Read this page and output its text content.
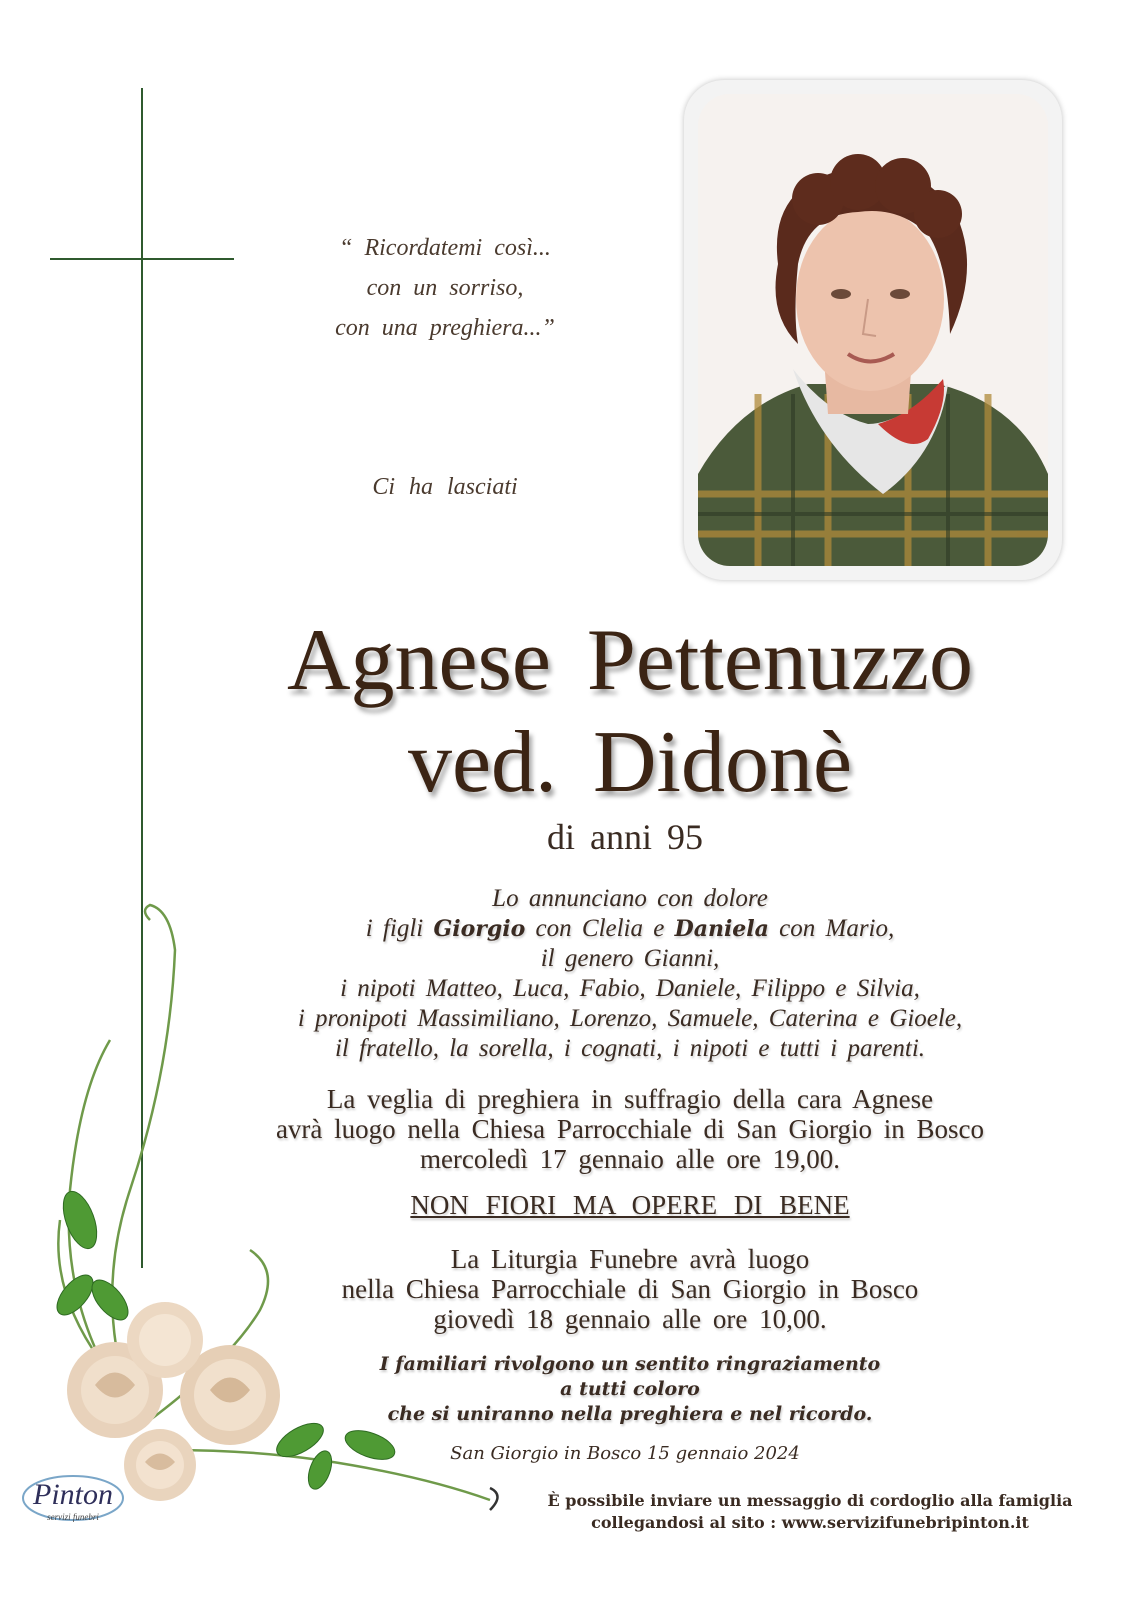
“ Ricordatemi così...
con un sorriso,
con una preghiera...”
Ci ha lasciati
Agnese Pettenuzzo
ved. Didonè
di anni 95
Lo annunciano con dolore
i figli Giorgio con Clelia e Daniela con Mario,
il genero Gianni,
i nipoti Matteo, Luca, Fabio, Daniele, Filippo e Silvia,
i pronipoti Massimiliano, Lorenzo, Samuele, Caterina e Gioele,
il fratello, la sorella, i cognati, i nipoti e tutti i parenti.
La veglia di preghiera in suffragio della cara Agnese
avrà luogo nella Chiesa Parrocchiale di San Giorgio in Bosco
mercoledì 17 gennaio alle ore 19,00.
NON FIORI MA OPERE DI BENE
La Liturgia Funebre avrà luogo
nella Chiesa Parrocchiale di San Giorgio in Bosco
giovedì 18 gennaio alle ore 10,00.
I familiari rivolgono un sentito ringraziamento
a tutti coloro
che si uniranno nella preghiera e nel ricordo.
San Giorgio in Bosco 15 gennaio 2024
È possibile inviare un messaggio di cordoglio alla famiglia
collegandosi al sito : www.servizifunebripinton.it
Pinton
servizi funebri
